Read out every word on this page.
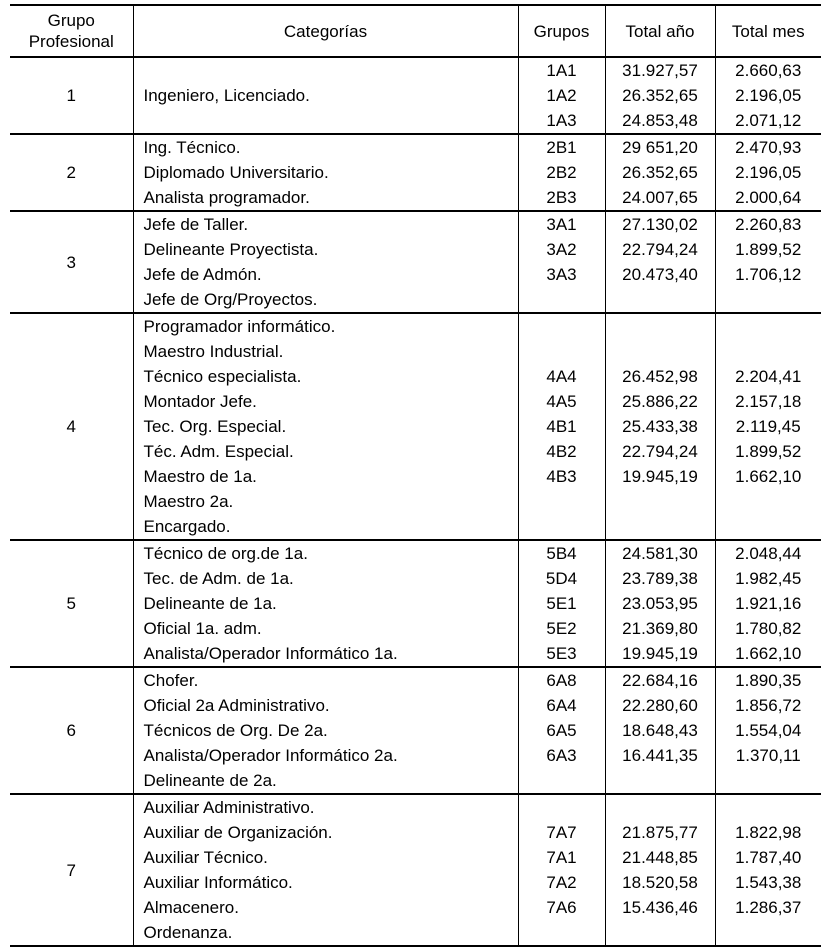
Grupo Profesional	Categorías	Grupos	Total año	Total mes
1		1A1	31.927,57	2.660,63
	Ingeniero, Licenciado.	1A2	26.352,65	2.196,05
		1A3	24.853,48	2.071,12
2	Ing. Técnico.	2B1	29 651,20	2.470,93
	Diplomado Universitario.	2B2	26.352,65	2.196,05
	Analista programador.	2B3	24.007,65	2.000,64
3	Jefe de Taller.	3A1	27.130,02	2.260,83
	Delineante Proyectista.	3A2	22.794,24	1.899,52
	Jefe de Admón.	3A3	20.473,40	1.706,12
	Jefe de Org/Proyectos.			
4	Programador informático.			
	Maestro Industrial.			
	Técnico especialista.	4A4	26.452,98	2.204,41
	Montador Jefe.	4A5	25.886,22	2.157,18
	Tec. Org. Especial.	4B1	25.433,38	2.119,45
	Téc. Adm. Especial.	4B2	22.794,24	1.899,52
	Maestro de 1a.	4B3	19.945,19	1.662,10
	Maestro 2a.			
	Encargado.			
5	Técnico de org.de 1a.	5B4	24.581,30	2.048,44
	Tec. de Adm. de 1a.	5D4	23.789,38	1.982,45
	Delineante de 1a.	5E1	23.053,95	1.921,16
	Oficial 1a. adm.	5E2	21.369,80	1.780,82
	Analista/Operador Informático 1a.	5E3	19.945,19	1.662,10
6	Chofer.	6A8	22.684,16	1.890,35
	Oficial 2a Administrativo.	6A4	22.280,60	1.856,72
	Técnicos de Org. De 2a.	6A5	18.648,43	1.554,04
	Analista/Operador Informático 2a.	6A3	16.441,35	1.370,11
	Delineante de 2a.			
7	Auxiliar Administrativo.			
	Auxiliar de Organización.	7A7	21.875,77	1.822,98
	Auxiliar Técnico.	7A1	21.448,85	1.787,40
	Auxiliar Informático.	7A2	18.520,58	1.543,38
	Almacenero.	7A6	15.436,46	1.286,37
	Ordenanza.			
